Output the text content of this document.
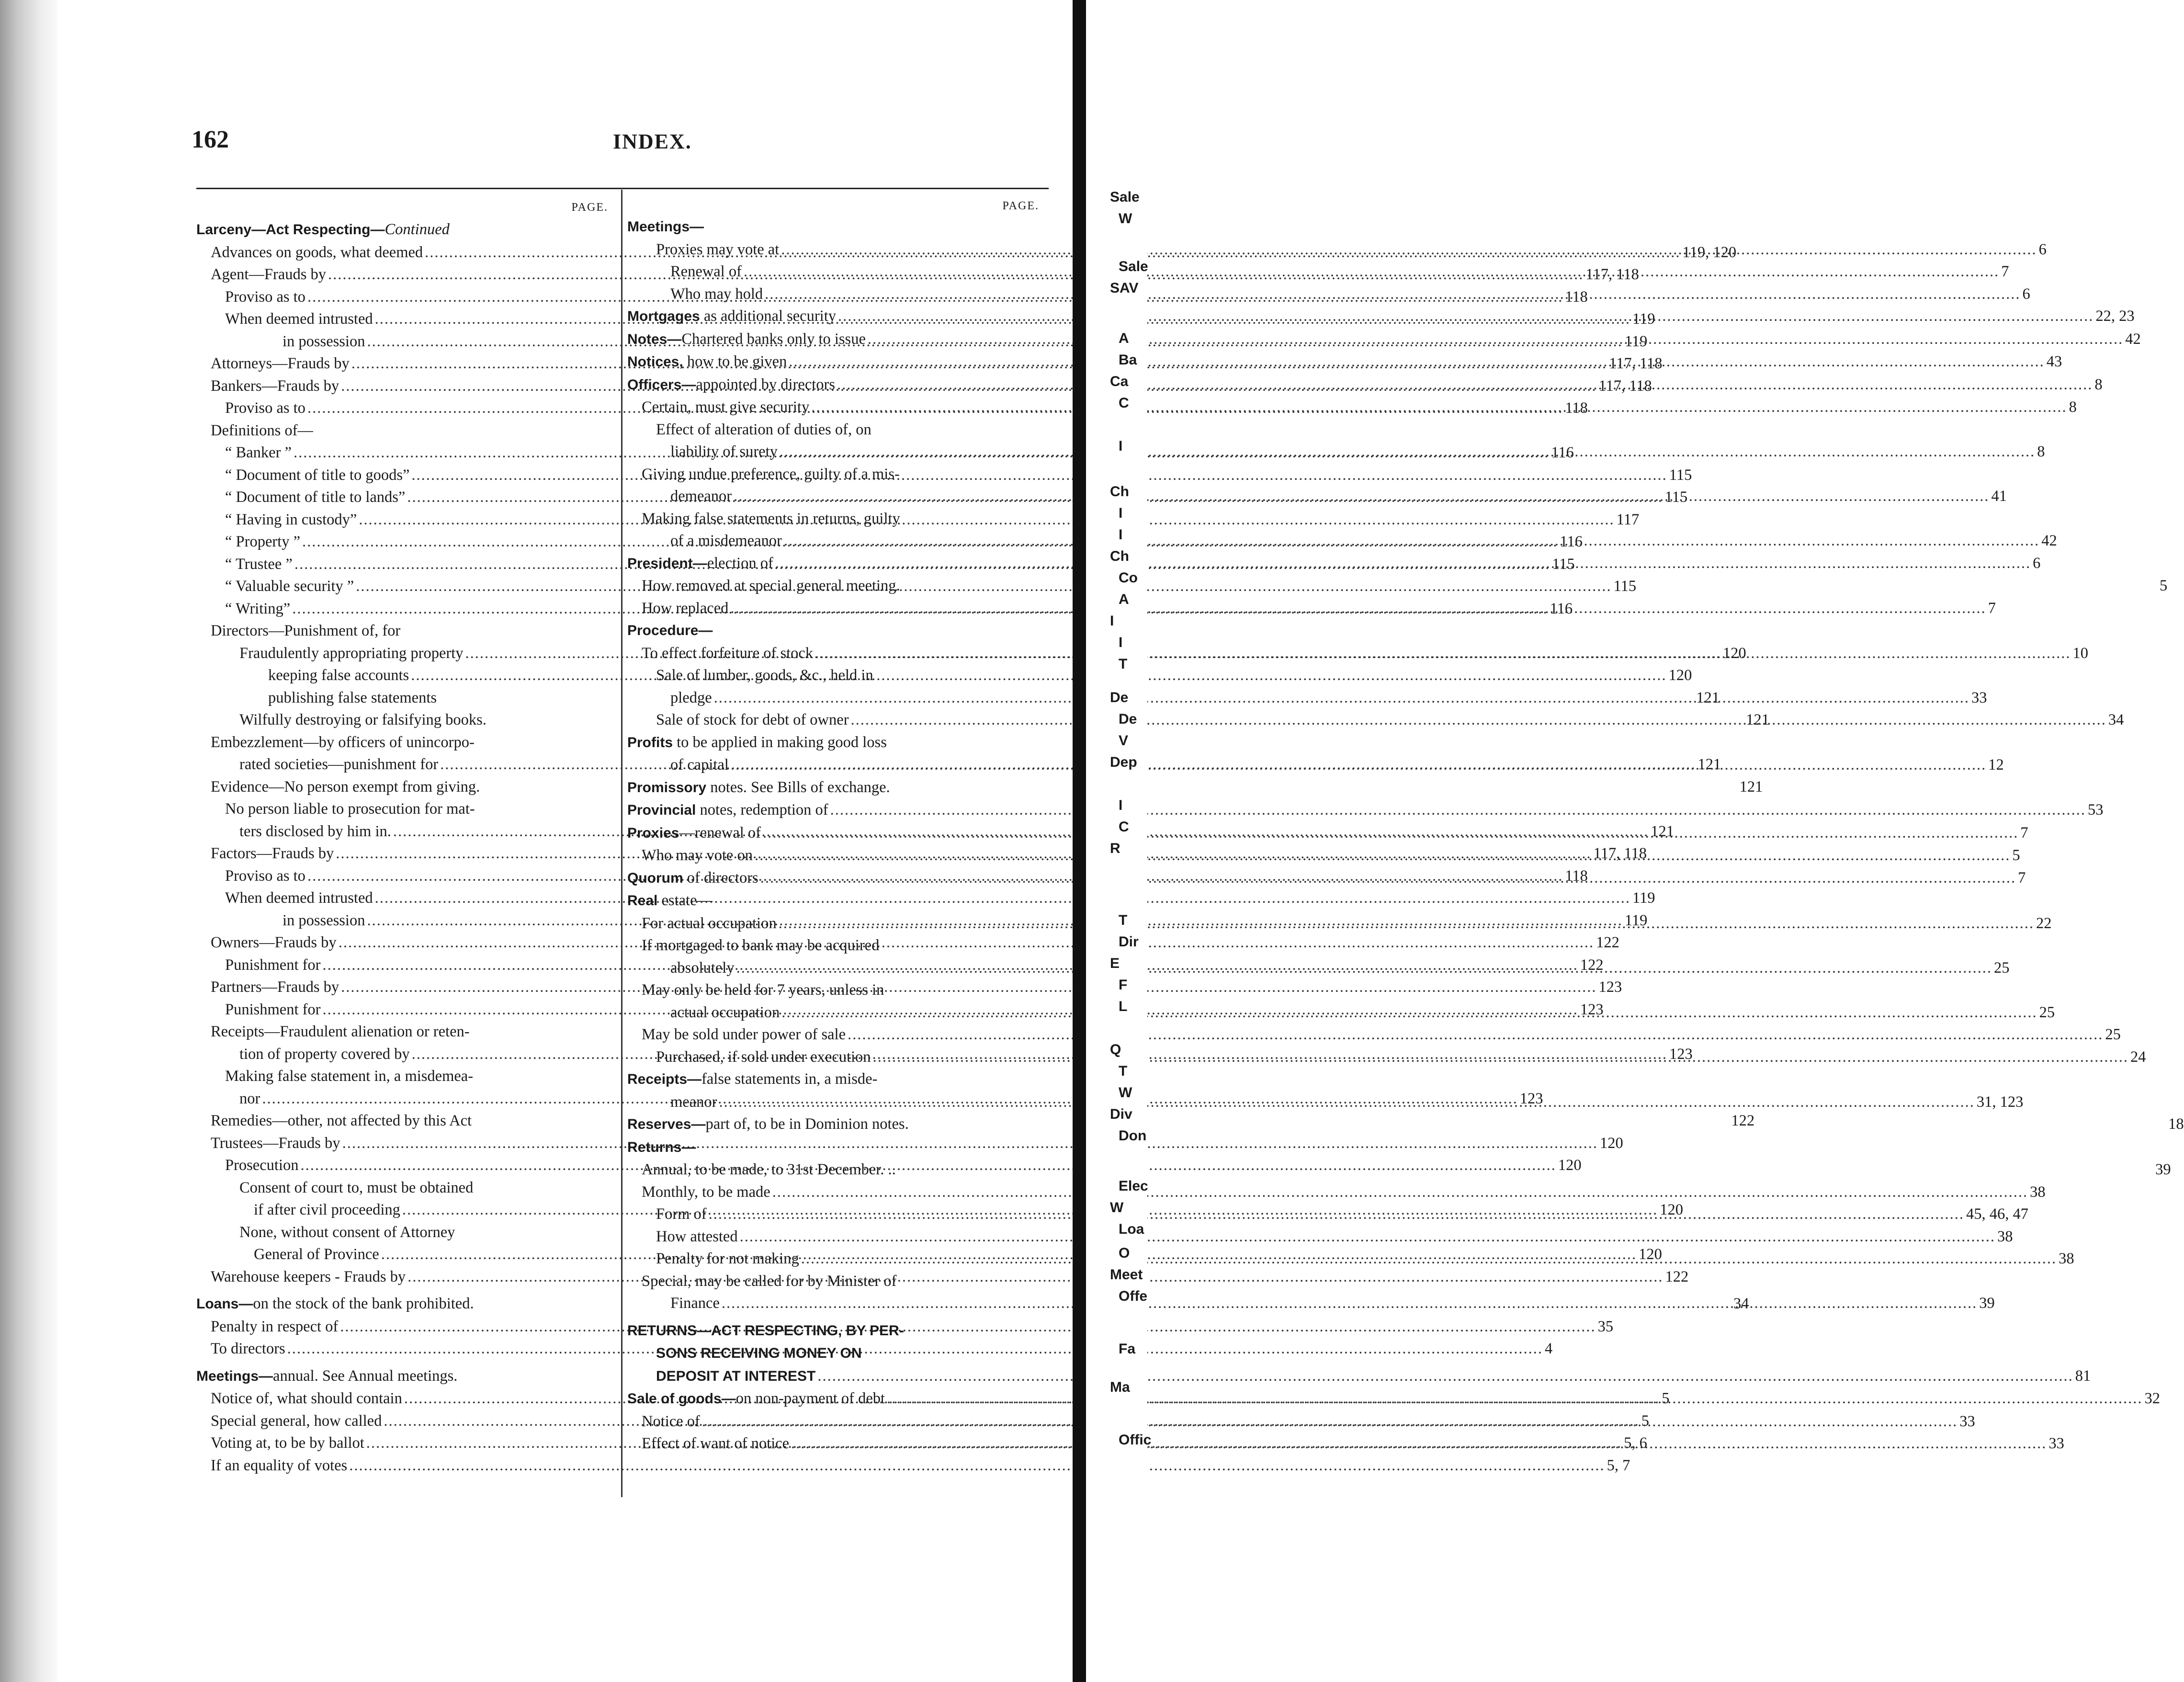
162	INDEX.
PAGE.
Larceny—Act Respecting—Continued
Advances on goods, what deemed .....	119, 120
Agent—Frauds by .....	117, 118
Proviso as to .....	118
When deemed intrusted .....	119
in possession .....	119
Attorneys—Frauds by .....	117, 118
Bankers—Frauds by .....	117, 118
Proviso as to .....	118
Definitions of—
“ Banker ” .....	116
“ Document of title to goods” .....	115
“ Document of title to lands” .....	115
“ Having in custody” .....	117
“ Property ” .....	116
“ Trustee ” .....	115
“ Valuable security ” .....	115
“ Writing” .....	116
Directors—Punishment of, for
Fraudulently appropriating property .....	120
keeping false accounts .....	120
publishing false statements	121
Wilfully destroying or falsifying books.	121
Embezzlement—by officers of unincorpo-
rated societies—punishment for .....	121
Evidence—No person exempt from giving.	121
No person liable to prosecution for mat-
ters disclosed by him in. .....	121
Factors—Frauds by .....	117, 118
Proviso as to .....	118
When deemed intrusted .....	119
in possession .....	119
Owners—Frauds by .....	122
Punishment for .....	122
Partners—Frauds by .....	123
Punishment for .....	123
Receipts—Fraudulent alienation or reten-
tion of property covered by .....	123
Making false statement in, a misdemea-
nor .....	123
Remedies—other, not affected by this Act	122
Trustees—Frauds by .....	120
Prosecution .....	120
Consent of court to, must be obtained
if after civil proceeding .....	120
None, without consent of Attorney
General of Province .....	120
Warehouse keepers - Frauds by .....	122
Loans—on the stock of the bank prohibited.	34
Penalty in respect of .....	35
To directors .....	4
Meetings—annual. See Annual meetings.
Notice of, what should contain .....	5
Special general, how called .....	5
Voting at, to be by ballot .....	5, 6
If an equality of votes .....	5, 7
PAGE.
Meetings—
Proxies may vote at .....	6
Renewal of .....	7
Who may hold .....	6
Mortgages as additional security .....	22, 23
Notes—Chartered banks only to issue .....	42
Notices, how to be given .....	43
Officers—appointed by directors .....	8
Certain, must give security .....	8
Effect of alteration of duties of, on
liability of surety .....	8
Giving undue preference, guilty of a mis-
demeanor .....	41
Making false statements in returns, guilty
of a misdemeanor .....	42
President—election of .....	6
How removed at special general meeting.	5
How replaced .....	7
Procedure—
To effect forfeiture of stock .....	10
Sale of lumber, goods, &c., held in
pledge .....	33
Sale of stock for debt of owner .....	34
Profits to be applied in making good loss
of capital .....	12
Promissory notes. See Bills of exchange.
Provincial notes, redemption of .....	53
Proxies—renewal of .....	7
Who may vote on .....	5
Quorum of directors .....	7
Real estate—
For actual occupation .....	22
If mortgaged to bank may be acquired
absolutely .....	25
May only be held for 7 years, unless in
actual occupation .....	25
May be sold under power of sale .....	25
Purchased, if sold under execution .....	24
Receipts—false statements in, a misde-
meanor .....	31, 123
Reserves—part of, to be in Dominion notes.	18
Returns—
Annual, to be made, to 31st December. ..	39
Monthly, to be made .....	38
Form of .....	45, 46, 47
How attested .....	38
Penalty for not making .....	38
Special, may be called for by Minister of
Finance .....	39
RETURNS—ACT RESPECTING, BY PER-
SONS RECEIVING MONEY ON
DEPOSIT AT INTEREST .....	81
Sale of goods—on non-payment of debt .....	32
Notice of .....	33
Effect of want of notice .....	33
Sale
W
Sale
SAV
A
Ba
Ca
C
I
Ch
I
I
Ch
Co
A
I
I
T
De
De
V
Dep
I
C
R
T
Dir
E
F
L
Q
T
W
Div
Don
Elec
W
Loa
O
Meet
Offe
Fa
Ma
Offic
